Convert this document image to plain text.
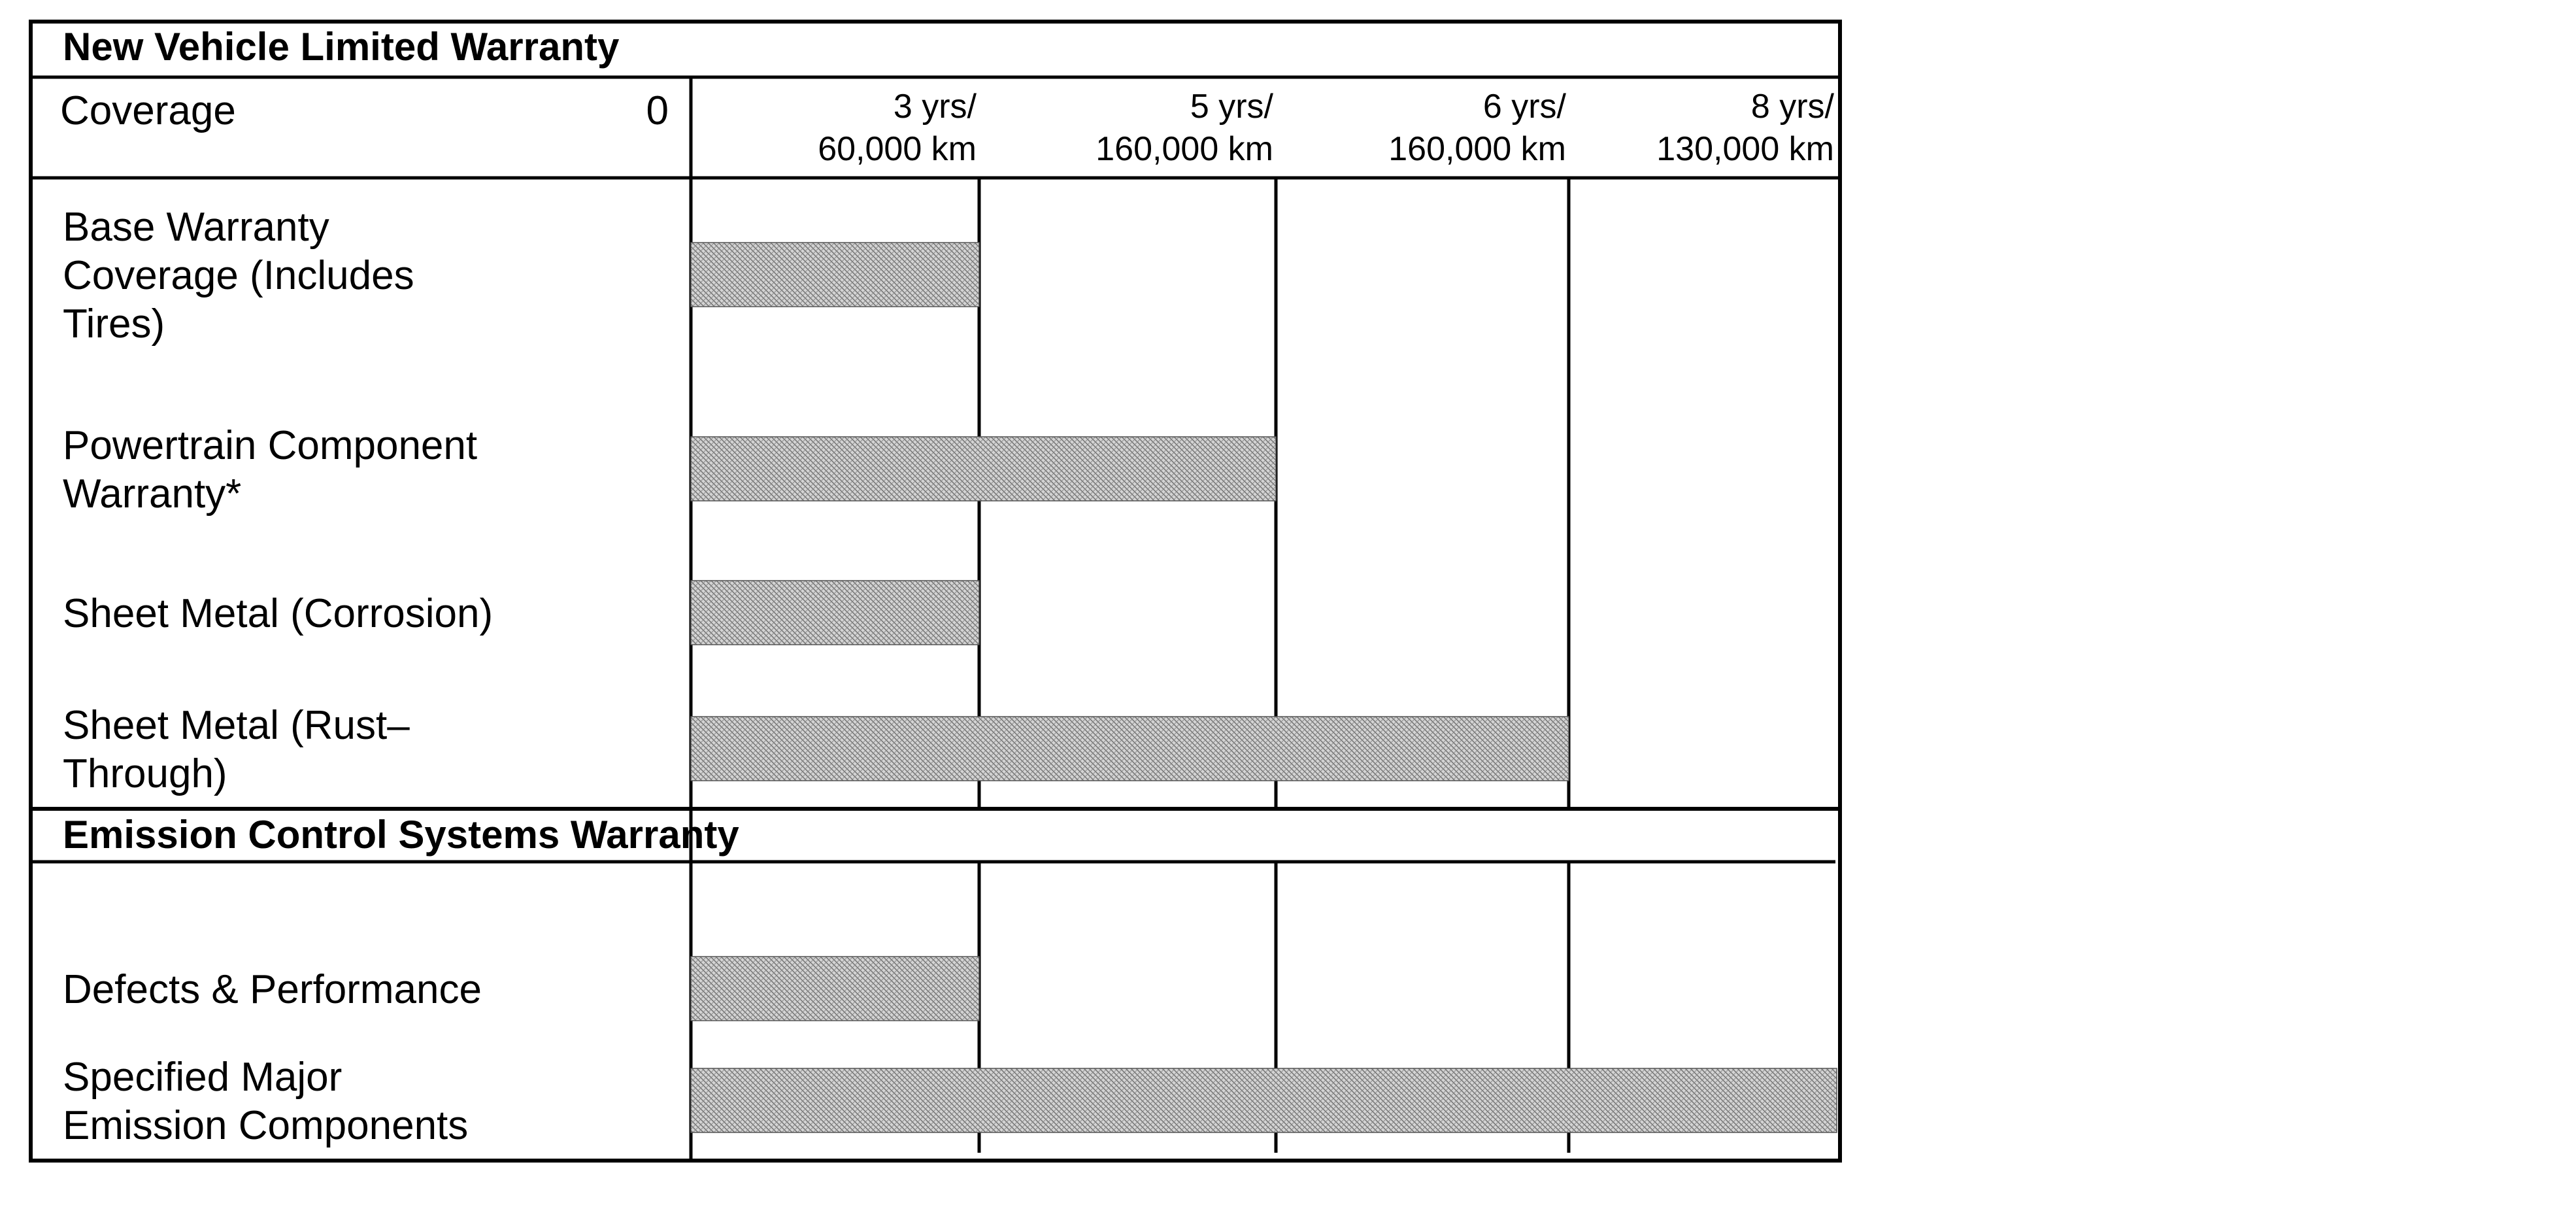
Coverage	0	3 yrs/
60,000 km
5 yrs/
160,000 km
6 yrs/
160,000 km
8 yrs/
130,000 km
New Vehicle Limited Warranty
Base Warranty
Coverage (Includes
Tires)
Powertrain Component
Warranty*
Sheet Metal (Corrosion)
Sheet Metal (Rust–
Through)
Emission Control Systems Warranty
Defects & Performance
Specified Major
Emission Components
